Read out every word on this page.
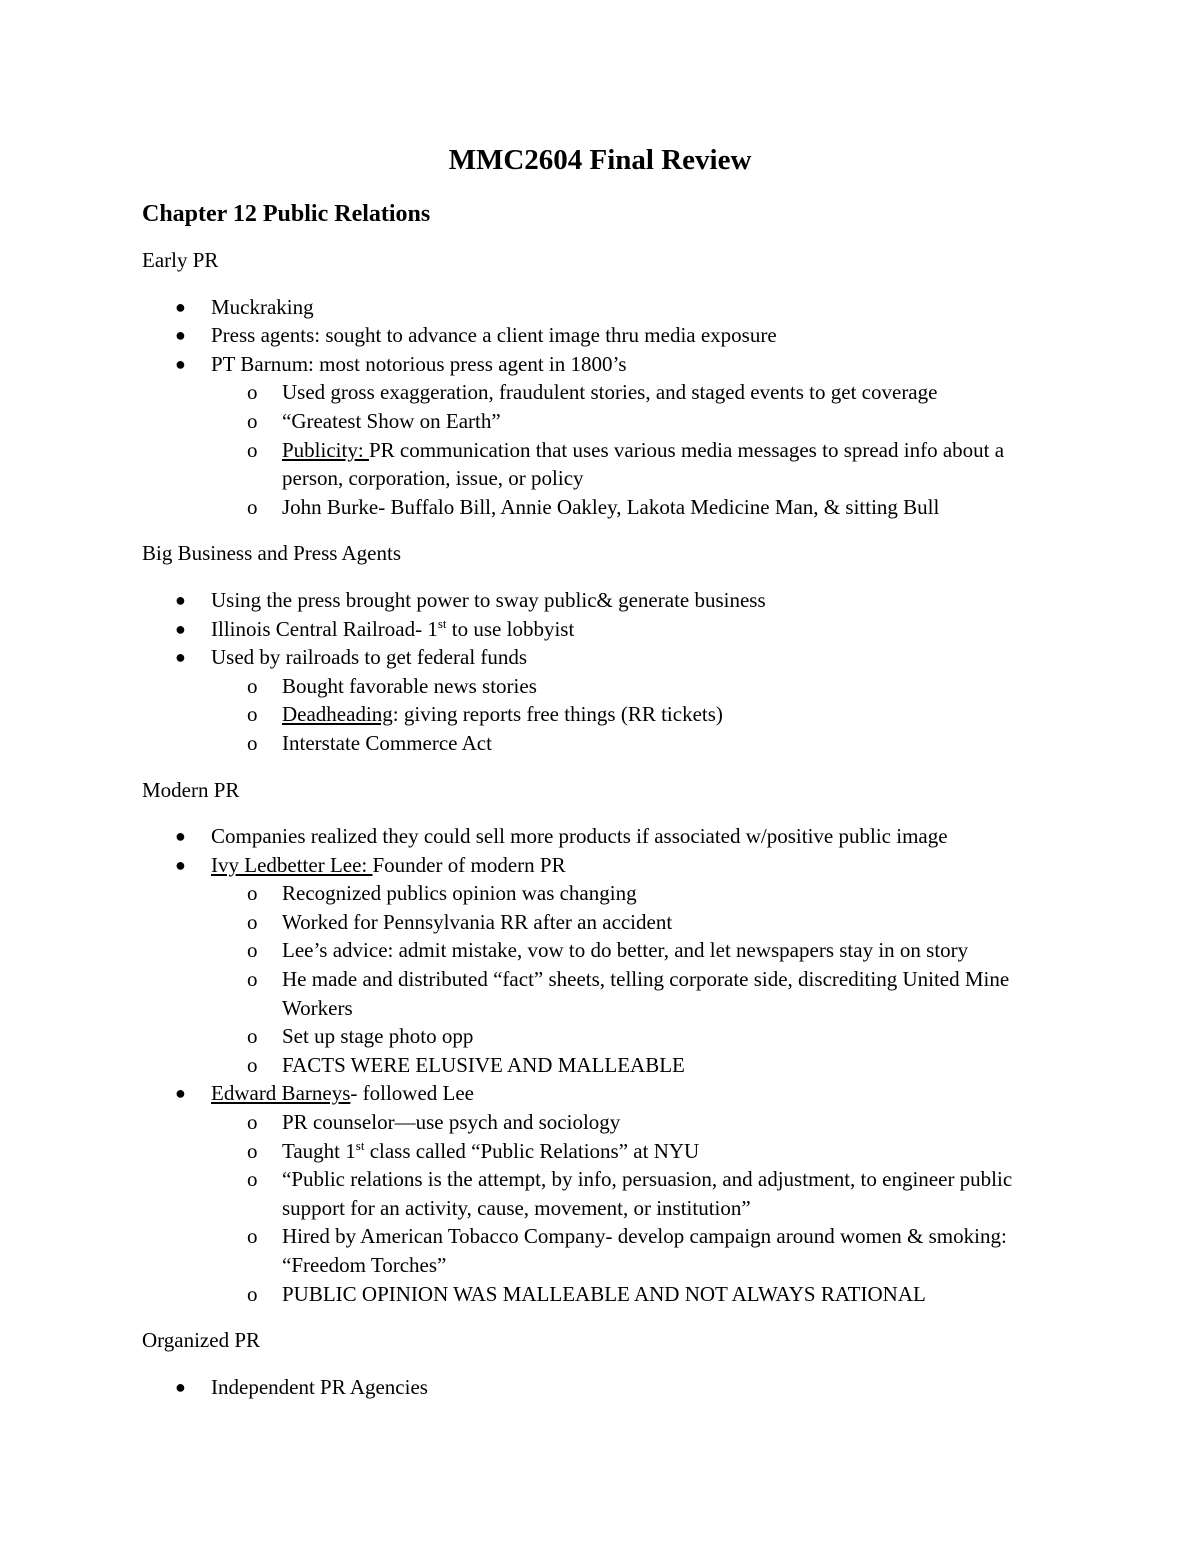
MMC2604 Final Review
Chapter 12 Public Relations
Early PR
● Muckraking
● Press agents: sought to advance a client image thru media exposure
● PT Barnum: most notorious press agent in 1800’s
o Used gross exaggeration, fraudulent stories, and staged events to get coverage
o “Greatest Show on Earth”
o Publicity: PR communication that uses various media messages to spread info about a person, corporation, issue, or policy
o John Burke- Buffalo Bill, Annie Oakley, Lakota Medicine Man, & sitting Bull
Big Business and Press Agents
● Using the press brought power to sway public& generate business
● Illinois Central Railroad- 1st to use lobbyist
● Used by railroads to get federal funds
o Bought favorable news stories
o Deadheading: giving reports free things (RR tickets)
o Interstate Commerce Act
Modern PR
● Companies realized they could sell more products if associated w/positive public image
● Ivy Ledbetter Lee: Founder of modern PR
o Recognized publics opinion was changing
o Worked for Pennsylvania RR after an accident
o Lee’s advice: admit mistake, vow to do better, and let newspapers stay in on story
o He made and distributed “fact” sheets, telling corporate side, discrediting United Mine Workers
o Set up stage photo opp
o FACTS WERE ELUSIVE AND MALLEABLE
● Edward Barneys- followed Lee
o PR counselor—use psych and sociology
o Taught 1st class called “Public Relations” at NYU
o “Public relations is the attempt, by info, persuasion, and adjustment, to engineer public support for an activity, cause, movement, or institution”
o Hired by American Tobacco Company- develop campaign around women & smoking: “Freedom Torches”
o PUBLIC OPINION WAS MALLEABLE AND NOT ALWAYS RATIONAL
Organized PR
● Independent PR Agencies
